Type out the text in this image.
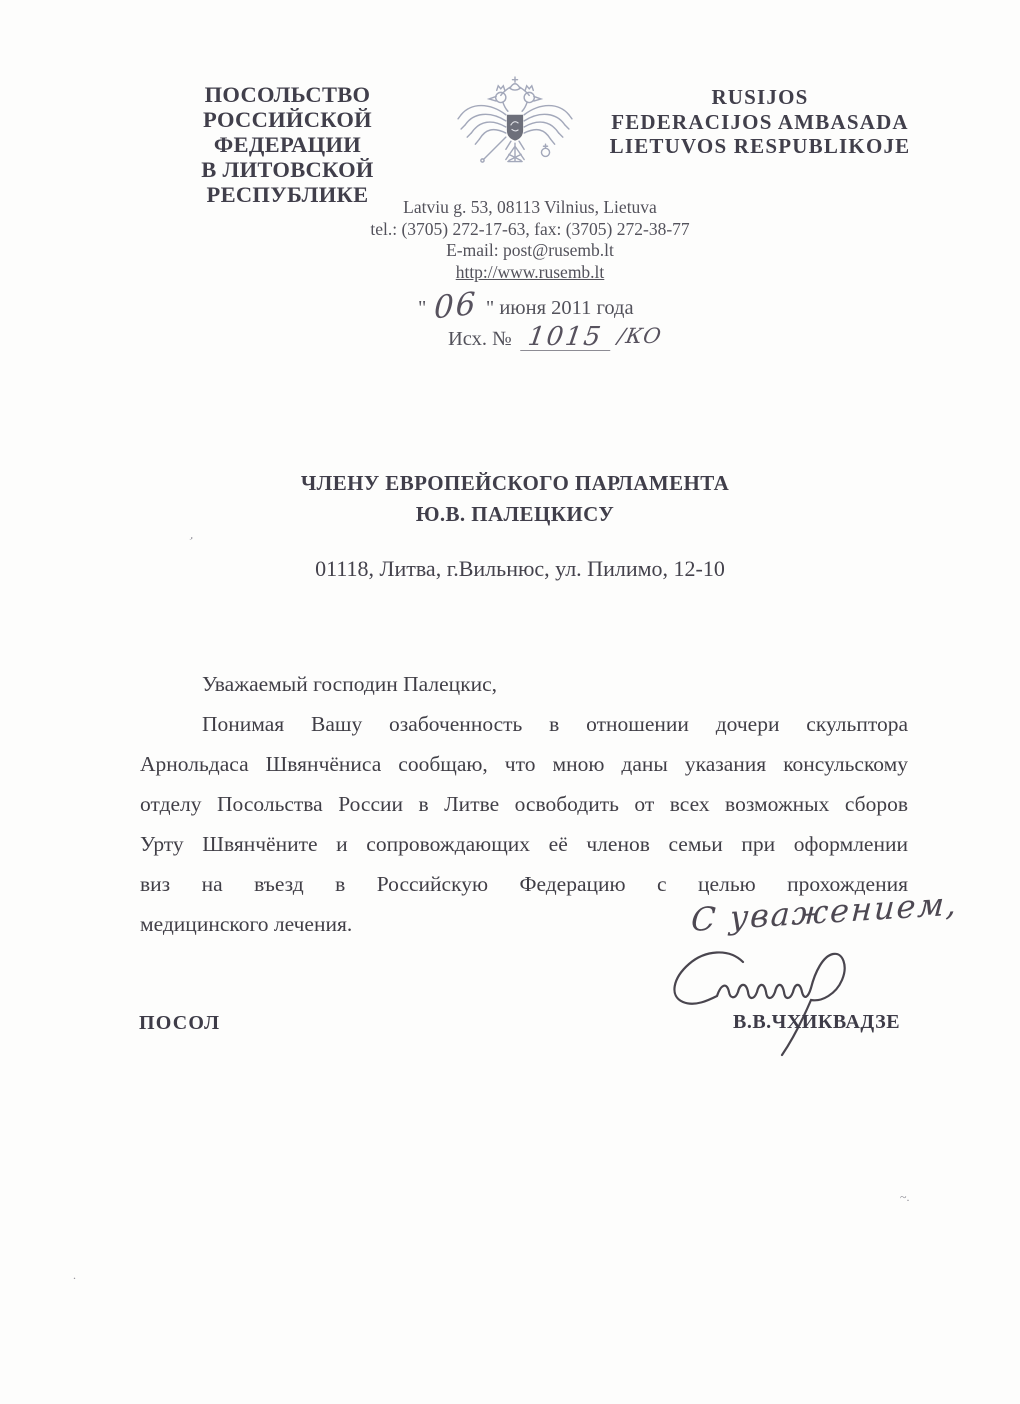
ПОСОЛЬСТВО
РОССИЙСКОЙ ФЕДЕРАЦИИ
В ЛИТОВСКОЙ РЕСПУБЛИКЕ
RUSIJOS
FEDERACIJOS AMBASADA
LIETUVOS RESPUBLIKOJE
Latviu g. 53, 08113 Vilnius, Lietuva
tel.: (3705) 272-17-63, fax: (3705) 272-38-77
E-mail: post@rusemb.lt
http://www.rusemb.lt
" 06 " июня 2011 года
Исх. № 1015 /КО
,
ЧЛЕНУ ЕВРОПЕЙСКОГО ПАРЛАМЕНТА
Ю.В. ПАЛЕЦКИСУ
01118, Литва, г.Вильнюс, ул. Пилимо, 12-10
Уважаемый господин Палецкис,
Понимая Вашу озабоченность в отношении дочери скульптора
Арнольдаса Швянчёниса сообщаю, что мною даны указания консульскому
отделу Посольства России в Литве освободить от всех возможных сборов
Урту Швянчёните и сопровождающих её членов семьи при оформлении
виз на въезд в Российскую Федерацию с целью прохождения
медицинского лечения.	С уважением,
В.В.ЧХИКВАДЗЕ
ПОСОЛ
~.
.
